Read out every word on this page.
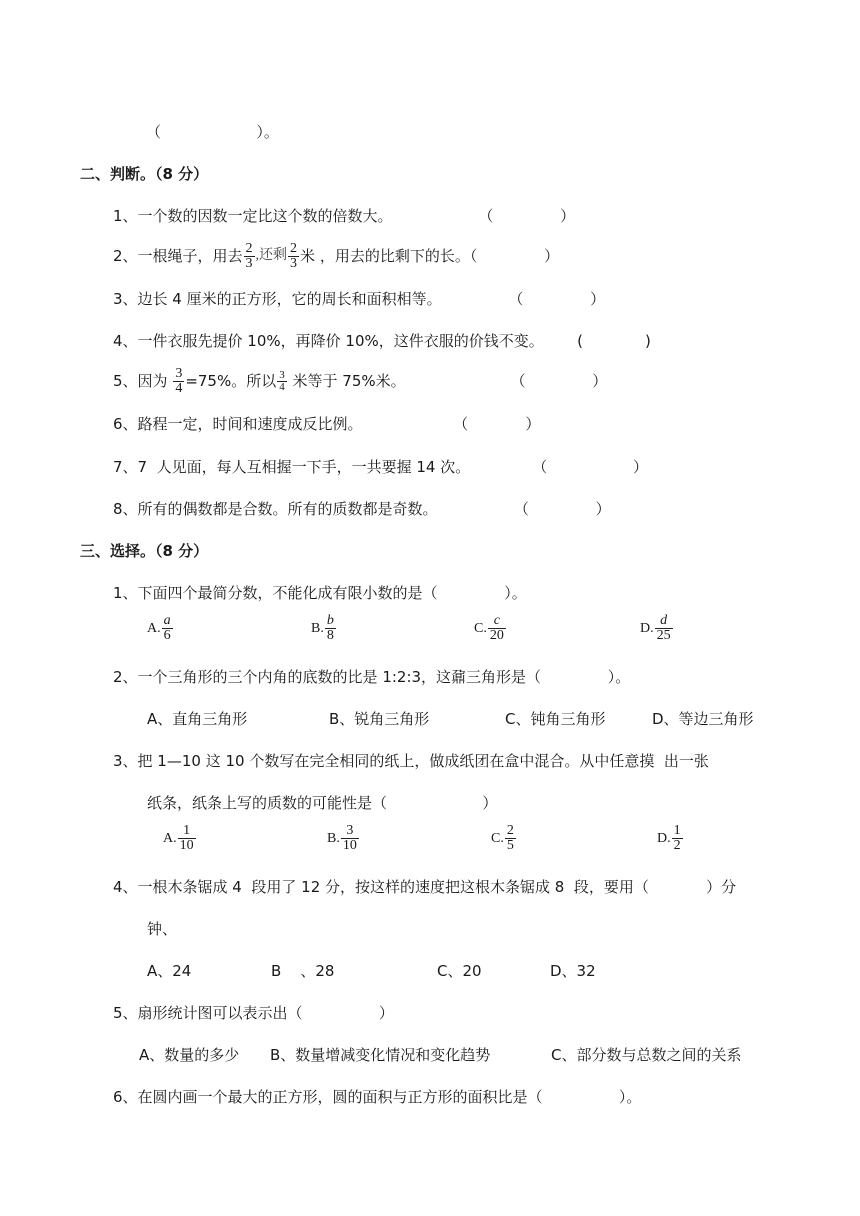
（                    ）。
二、判断。（8 分）
1、一个数的因数一定比这个数的倍数大。                  （              ）
2、一根绳子，用去 $\frac{2}{3}$ ,还剩 $\frac{2}{3}$ 米 ，用去的比剩下的长。（              ）
3、边长 4 厘米的正方形，它的周长和面积相等。              （              ）
4、一件衣服先提价 10%，再降价 10%，这件衣服的价钱不变。       (             )
5、因为 $\frac{3}{4} =75\%$。所以 $\frac{3}{4}$ 米等于 75%米。                      （              ）
6、路程一定，时间和速度成反比例。                   （            ）
7、7  人见面，每人互相握一下手，一共要握 14 次。             （                  ）
8、所有的偶数都是合数。所有的质数都是奇数。                （              ）
三、选择。（8 分）
1、下面四个最简分数，不能化成有限小数的是（              ）。
A. $\frac{a}{6}$	B. $\frac{b}{8}$	C. $\frac{c}{20}$	D. $\frac{d}{25}$
2、一个三角形的三个内角的底数的比是 1:2:3，这鼐三角形是（              ）。
A、直角三角形	B、锐角三角形	C、钝角三角形	D、等边三角形
3、把 1—10 这 10 个数写在完全相同的纸上，做成纸团在盒中混合。从中任意摸  出一张
纸条，纸条上写的质数的可能性是（                    ）
A. $\frac{1}{10}$	B. $\frac{3}{10}$	C. $\frac{2}{5}$	D. $\frac{1}{2}$
4、一根木条锯成 4  段用了 12 分，按这样的速度把这根木条锯成 8  段，要用（            ）分
钟、
A、24	B    、28	C、20	D、32
5、扇形统计图可以表示出（                ）
A、数量的多少 B、数量增减变化情况和变化趋势	C、部分数与总数之间的关系
6、在圆内画一个最大的正方形，圆的面积与正方形的面积比是（                ）。
